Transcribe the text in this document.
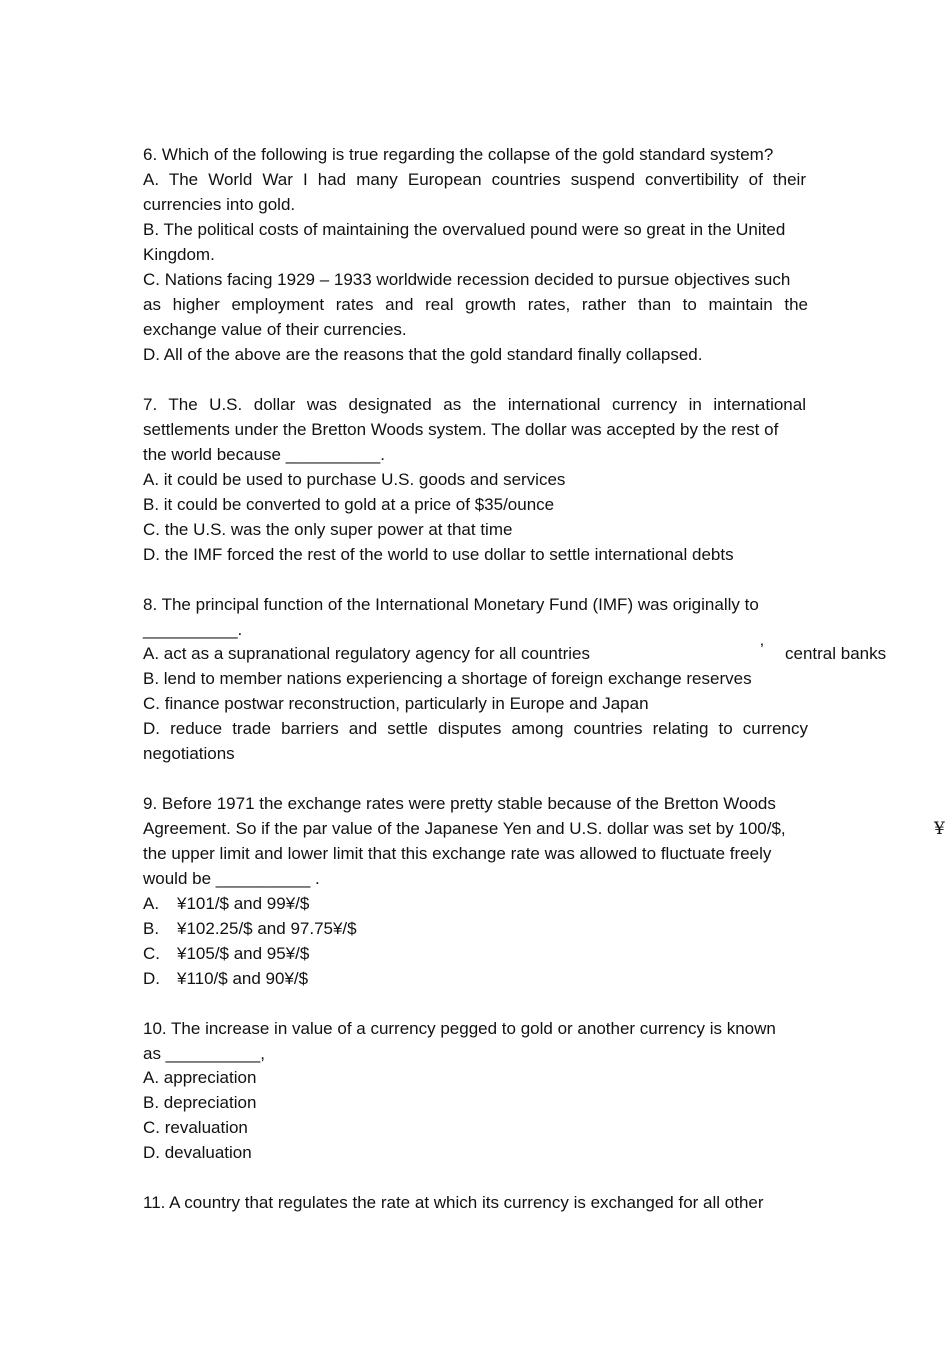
6. Which of the following is true regarding the collapse of the gold standard system?
A. The World War I had many European countries suspend convertibility of their
currencies into gold.
B. The political costs of maintaining the overvalued pound were so great in the United
Kingdom.
C. Nations facing 1929 – 1933 worldwide recession decided to pursue objectives such
as higher employment rates and real growth rates, rather than to maintain the
exchange value of their currencies.
D. All of the above are the reasons that the gold standard finally collapsed.
7. The U.S. dollar was designated as the international currency in international
settlements under the Bretton Woods system. The dollar was accepted by the rest of
the world because __________.
A. it could be used to purchase U.S. goods and services
B. it could be converted to gold at a price of $35/ounce
C. the U.S. was the only super power at that time
D. the IMF forced the rest of the world to use dollar to settle international debts
8. The principal function of the International Monetary Fund (IMF) was originally to
__________.
A. act as a supranational regulatory agency for all countries	’ central banks
B. lend to member nations experiencing a shortage of foreign exchange reserves
C. finance postwar reconstruction, particularly in Europe and Japan
D. reduce trade barriers and settle disputes among countries relating to currency
negotiations
9. Before 1971 the exchange rates were pretty stable because of the Bretton Woods
Agreement. So if the par value of the Japanese Yen and U.S. dollar was set by 100/$,	¥
the upper limit and lower limit that this exchange rate was allowed to fluctuate freely
would be __________ .
A. ¥101/$ and 99¥/$
B. ¥102.25/$ and 97.75¥/$
C. ¥105/$ and 95¥/$
D. ¥110/$ and 90¥/$
10. The increase in value of a currency pegged to gold or another currency is known
as __________,
A. appreciation
B. depreciation
C. revaluation
D. devaluation
11. A country that regulates the rate at which its currency is exchanged for all other
